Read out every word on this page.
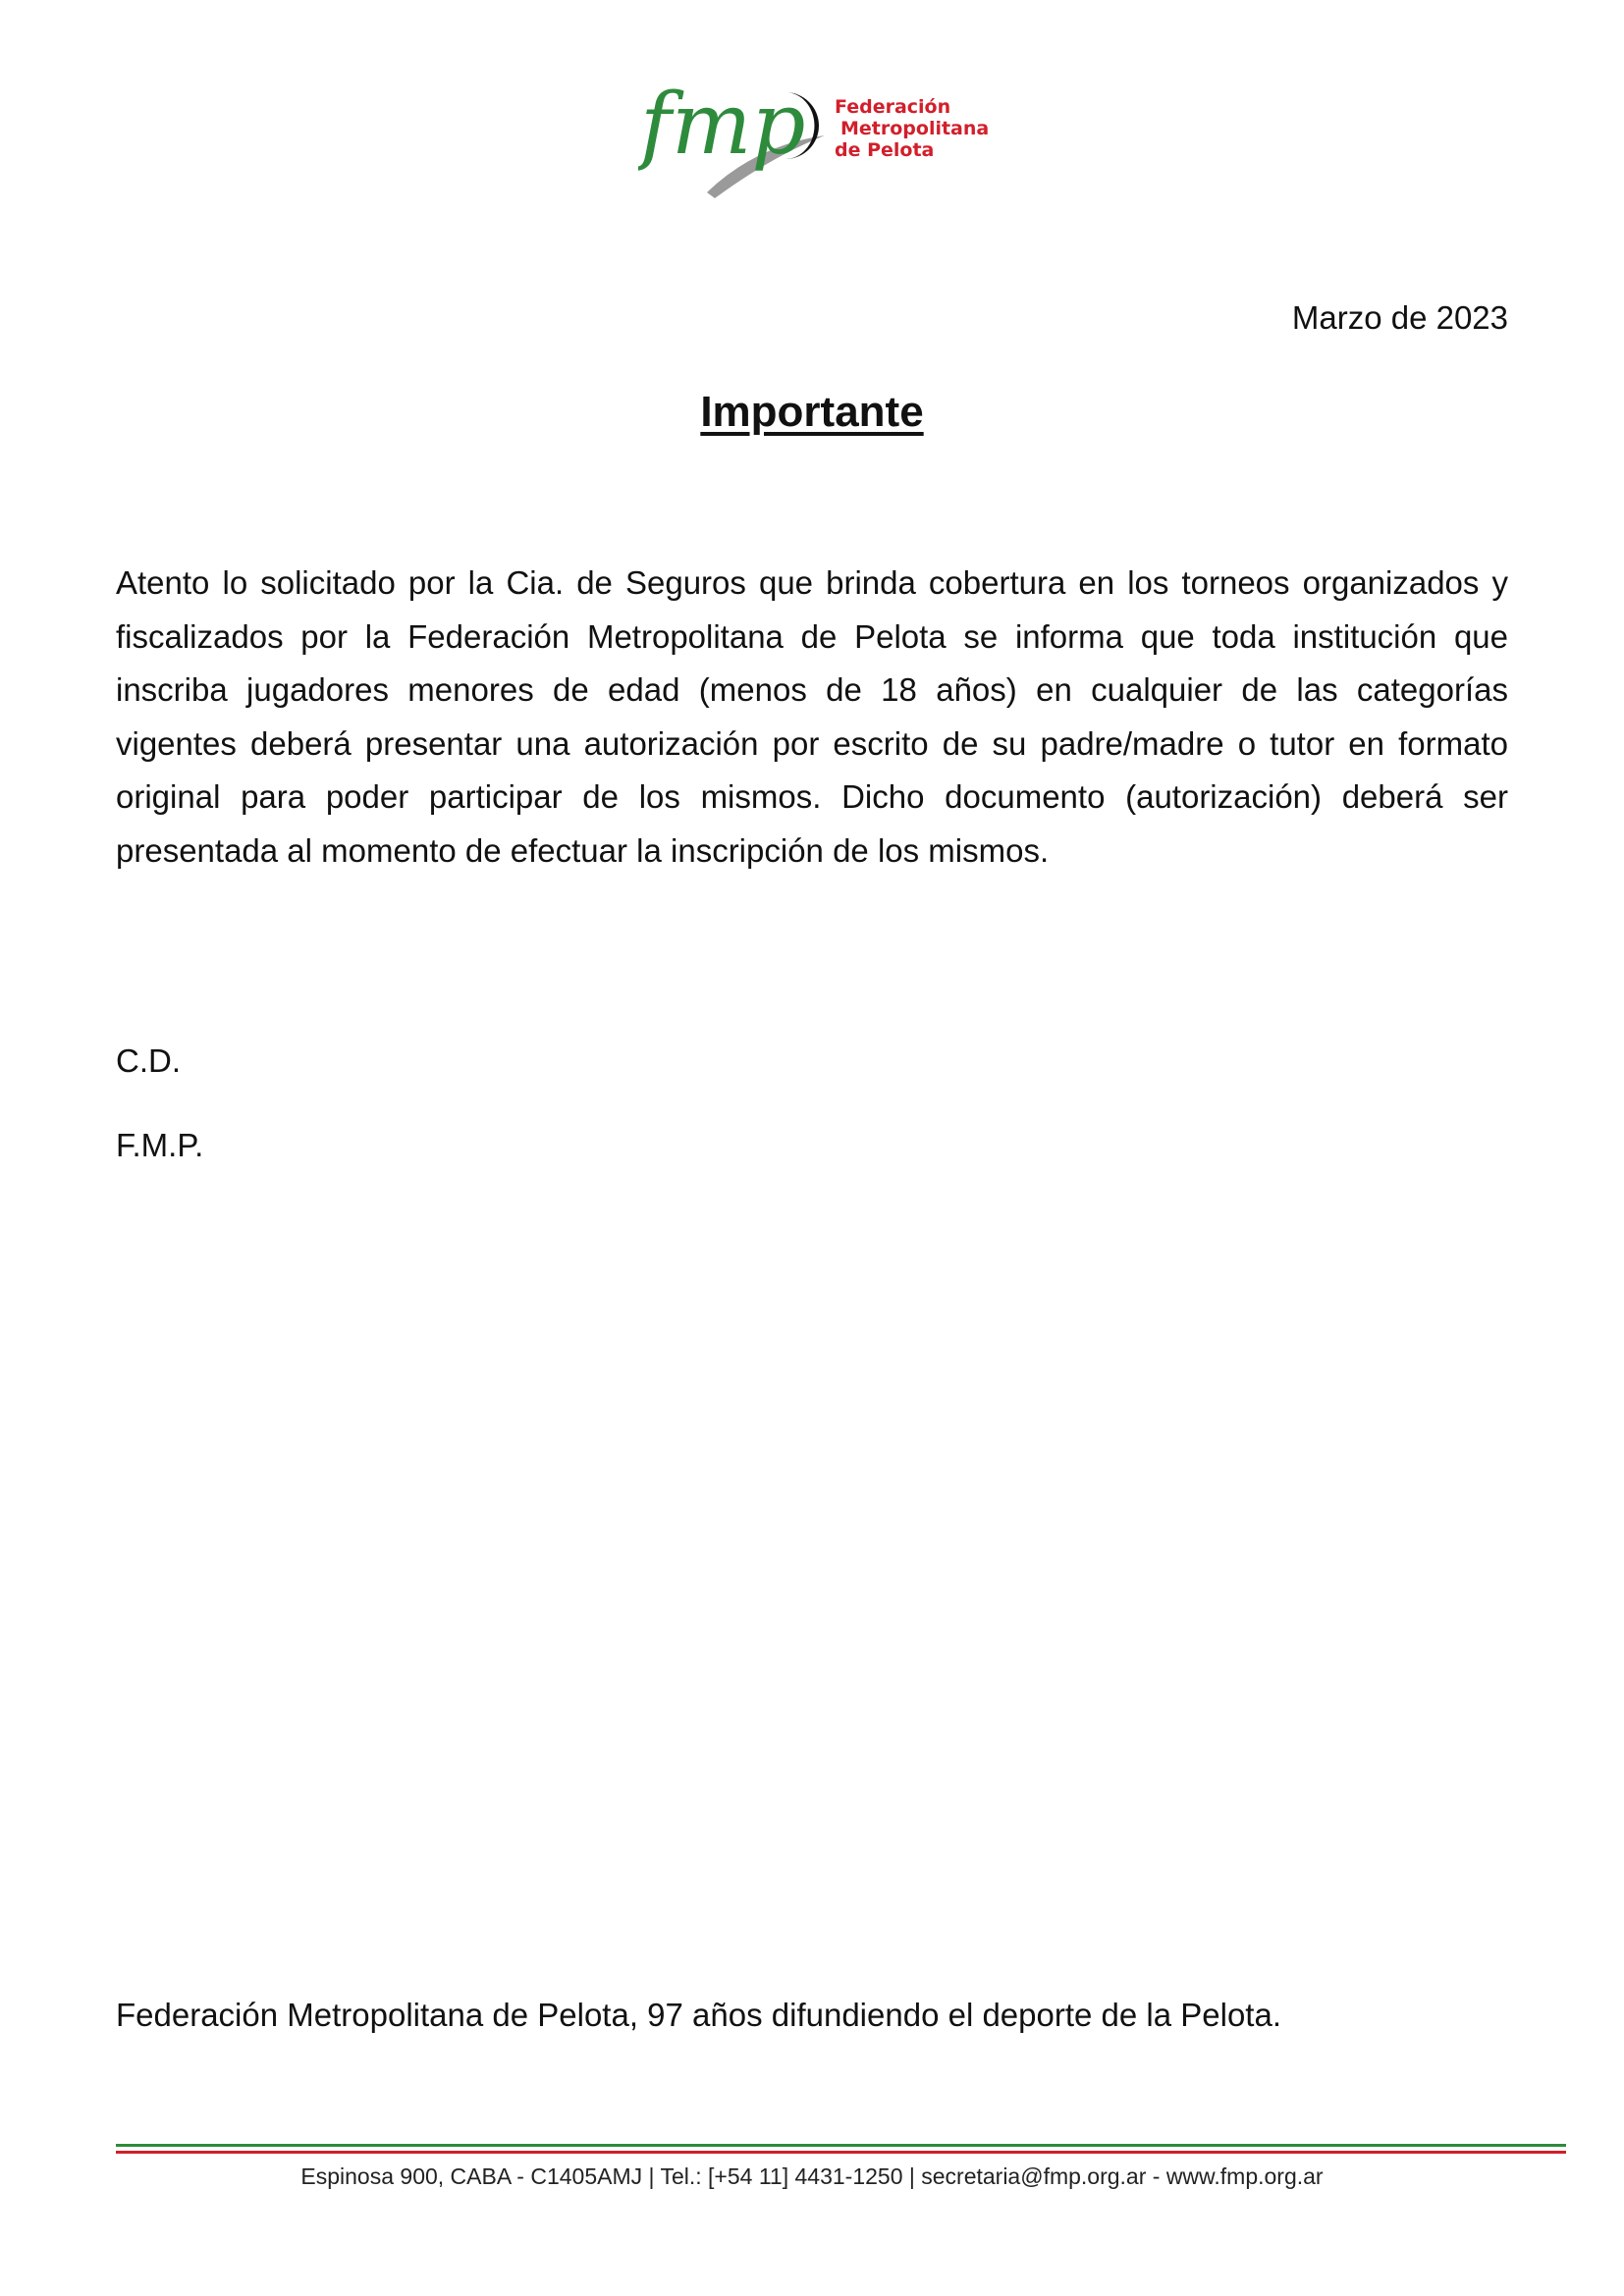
fmp Federación
Metropolitana
de Pelota
Marzo de 2023
Importante

Atento lo solicitado por la Cia. de Seguros que brinda cobertura en los torneos organizados y fiscalizados por la Federación Metropolitana de Pelota se informa que toda institución que inscriba jugadores menores de edad (menos de 18 años) en cualquier de las categorías vigentes deberá presentar una autorización por escrito de su padre/madre o tutor en formato original para poder participar de los mismos. Dicho documento (autorización) deberá ser presentada al momento de efectuar la inscripción de los mismos.

C.D.
F.M.P.
Federación Metropolitana de Pelota, 97 años difundiendo el deporte de la Pelota.
Espinosa 900, CABA - C1405AMJ | Tel.: [+54 11] 4431-1250 | secretaria@fmp.org.ar - www.fmp.org.ar
